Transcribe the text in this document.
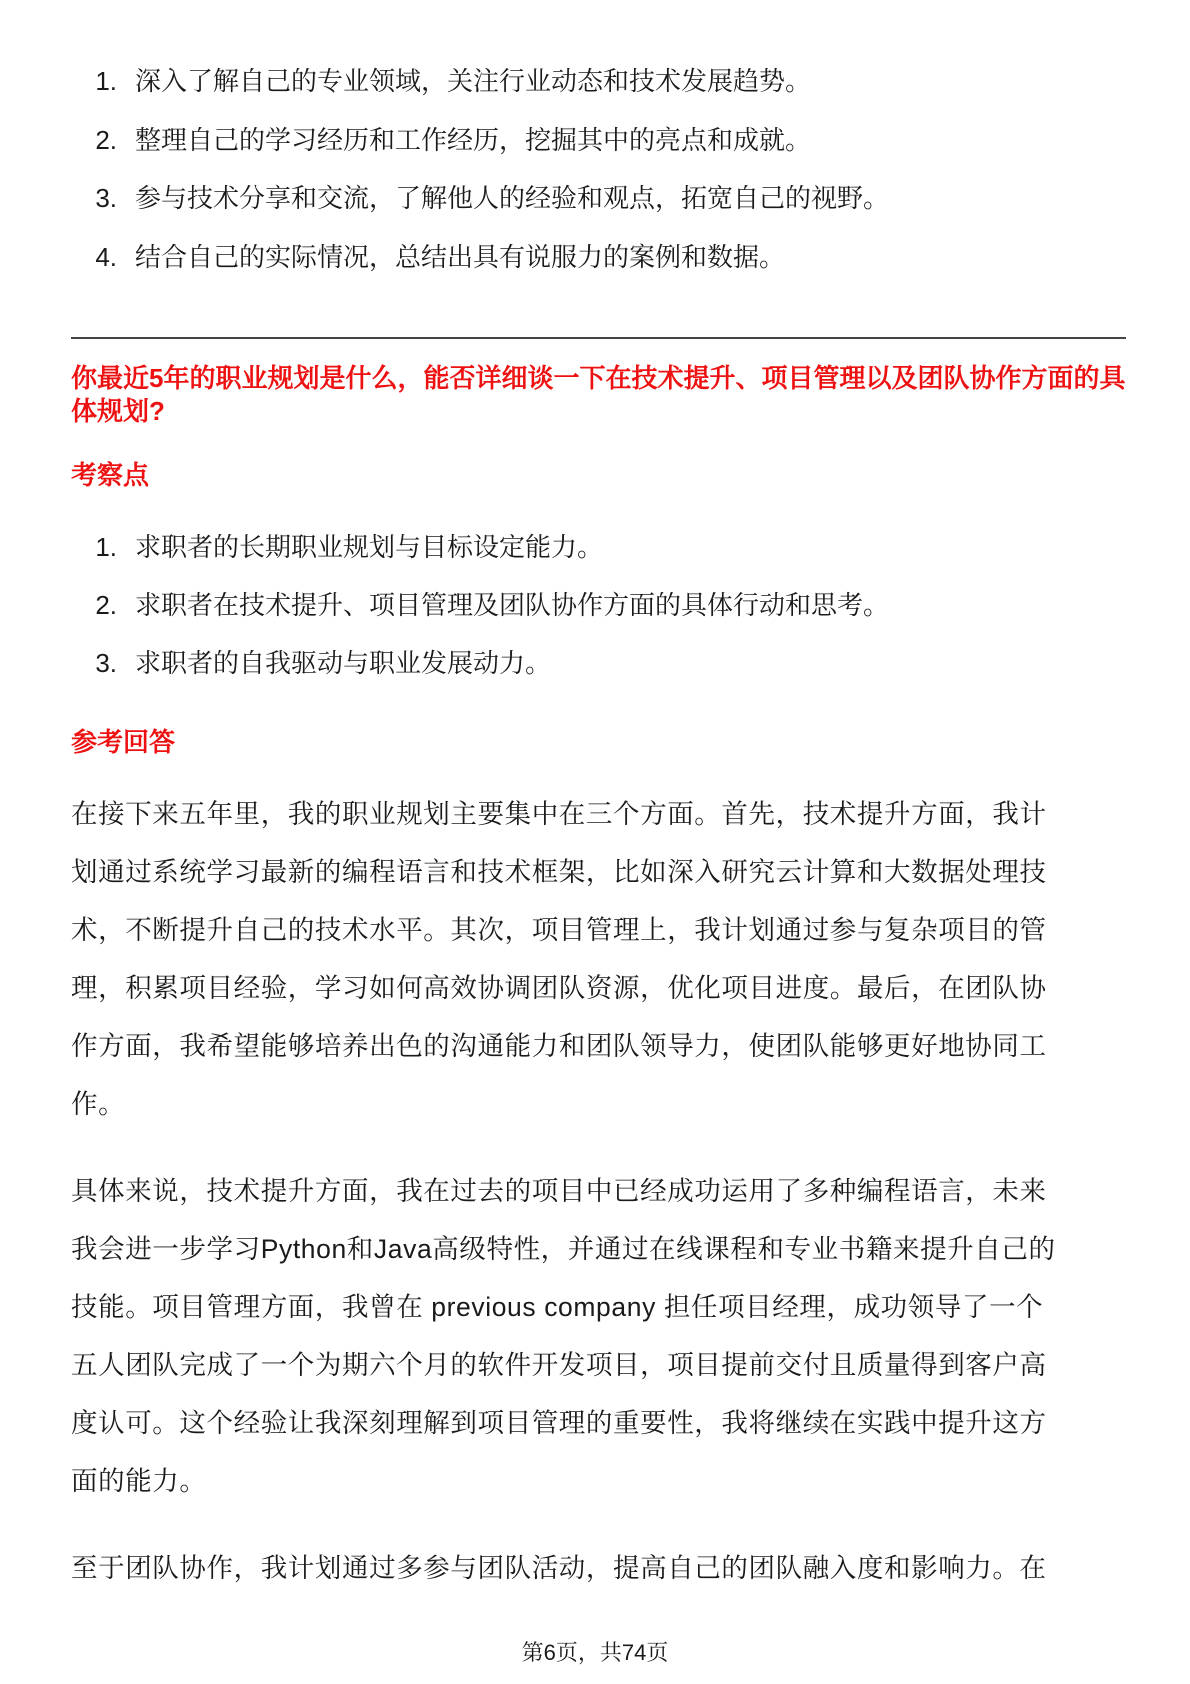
1. 深入了解自己的专业领域，关注行业动态和技术发展趋势。
2. 整理自己的学习经历和工作经历，挖掘其中的亮点和成就。
3. 参与技术分享和交流，了解他人的经验和观点，拓宽自己的视野。
4. 结合自己的实际情况，总结出具有说服力的案例和数据。
你最近5年的职业规划是什么，能否详细谈一下在技术提升、项目管理以及团队协作方面的具体规划?
考察点
1. 求职者的长期职业规划与目标设定能力。
2. 求职者在技术提升、项目管理及团队协作方面的具体行动和思考。
3. 求职者的自我驱动与职业发展动力。
参考回答
在接下来五年里，我的职业规划主要集中在三个方面。首先，技术提升方面，我计
划通过系统学习最新的编程语言和技术框架，比如深入研究云计算和大数据处理技
术，不断提升自己的技术水平。其次，项目管理上，我计划通过参与复杂项目的管
理，积累项目经验，学习如何高效协调团队资源，优化项目进度。最后，在团队协
作方面，我希望能够培养出色的沟通能力和团队领导力，使团队能够更好地协同工
作。
具体来说，技术提升方面，我在过去的项目中已经成功运用了多种编程语言，未来
我会进一步学习Python和Java高级特性，并通过在线课程和专业书籍来提升自己的
技能。项目管理方面，我曾在 previous company 担任项目经理，成功领导了一个
五人团队完成了一个为期六个月的软件开发项目，项目提前交付且质量得到客户高
度认可。这个经验让我深刻理解到项目管理的重要性，我将继续在实践中提升这方
面的能力。
至于团队协作，我计划通过多参与团队活动，提高自己的团队融入度和影响力。在
第6页，共74页
